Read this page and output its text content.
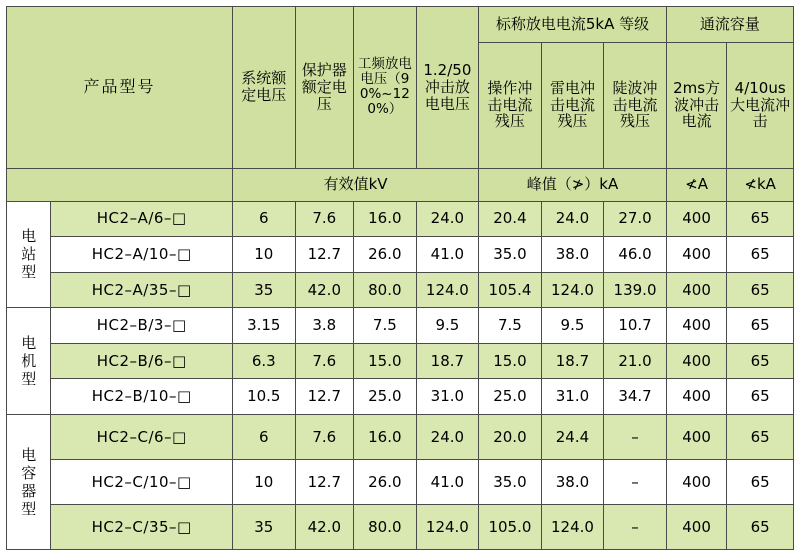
产品型号		系统额定电压	保护器额定电压	工频放电电压（90%~120%）	1.2/50冲击放电电压	标称放电电流5kA 等级			通流容量	
						操作冲击电流残压	雷电冲击电流残压	陡波冲击电流残压	2ms方波冲击电流	4/10us大电流冲击
		有效值kV				峰值（≯）kA			≮A	≮kA

电站型	HC2–A/6–□	6	7.6	16.0	24.0	20.4	24.0	27.0	400	65
	HC2–A/10–□	10	12.7	26.0	41.0	35.0	38.0	46.0	400	65
	HC2–A/35–□	35	42.0	80.0	124.0	105.4	124.0	139.0	400	65

电机型	HC2–B/3–□	3.15	3.8	7.5	9.5	7.5	9.5	10.7	400	65
	HC2–B/6–□	6.3	7.6	15.0	18.7	15.0	18.7	21.0	400	65
	HC2–B/10–□	10.5	12.7	25.0	31.0	25.0	31.0	34.7	400	65

电容器型	HC2–C/6–□	6	7.6	16.0	24.0	20.0	24.4	–	400	65
	HC2–C/10–□	10	12.7	26.0	41.0	35.0	38.0	–	400	65
	HC2–C/35–□	35	42.0	80.0	124.0	105.0	124.0	–	400	65
